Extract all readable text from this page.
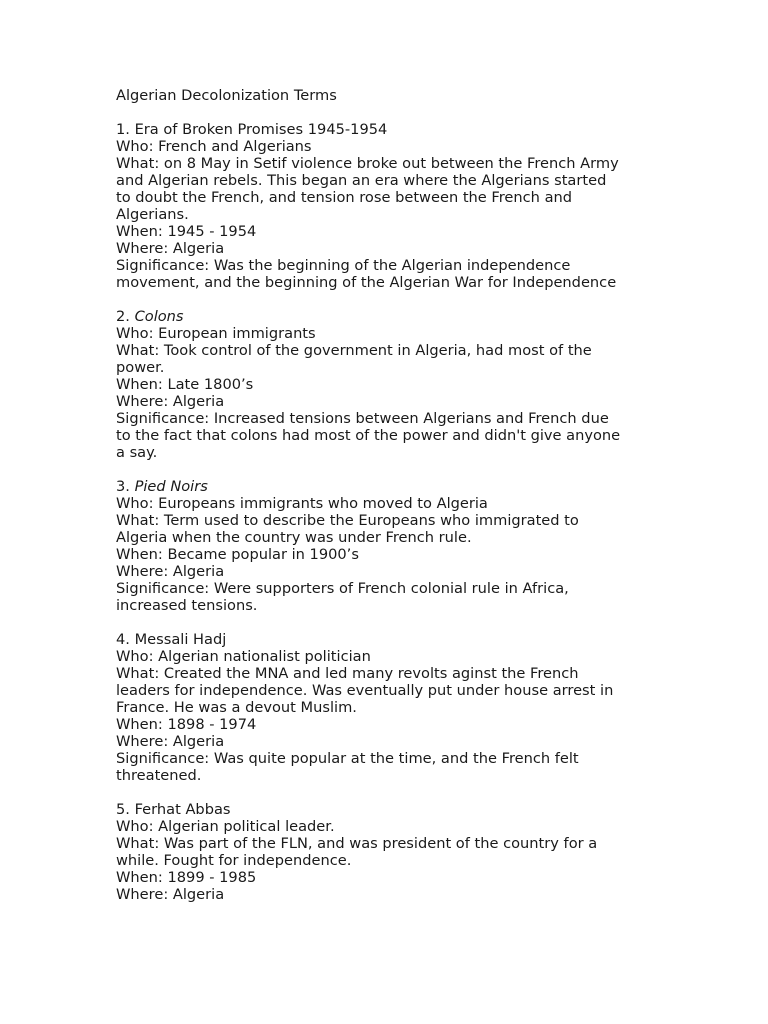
Algerian Decolonization Terms
1. Era of Broken Promises 1945-1954
Who: French and Algerians
What: on 8 May in Setif violence broke out between the French Army
and Algerian rebels. This began an era where the Algerians started
to doubt the French, and tension rose between the French and
Algerians.
When: 1945 - 1954
Where: Algeria
Significance: Was the beginning of the Algerian independence
movement, and the beginning of the Algerian War for Independence
2. Colons
Who: European immigrants
What: Took control of the government in Algeria, had most of the
power.
When: Late 1800’s
Where: Algeria
Significance: Increased tensions between Algerians and French due
to the fact that colons had most of the power and didn't give anyone
a say.
3. Pied Noirs
Who: Europeans immigrants who moved to Algeria
What: Term used to describe the Europeans who immigrated to
Algeria when the country was under French rule.
When: Became popular in 1900’s
Where: Algeria
Significance: Were supporters of French colonial rule in Africa,
increased tensions.
4. Messali Hadj
Who: Algerian nationalist politician
What: Created the MNA and led many revolts aginst the French
leaders for independence. Was eventually put under house arrest in
France. He was a devout Muslim.
When: 1898 - 1974
Where: Algeria
Significance: Was quite popular at the time, and the French felt
threatened.
5. Ferhat Abbas
Who: Algerian political leader.
What: Was part of the FLN, and was president of the country for a
while. Fought for independence.
When: 1899 - 1985
Where: Algeria
